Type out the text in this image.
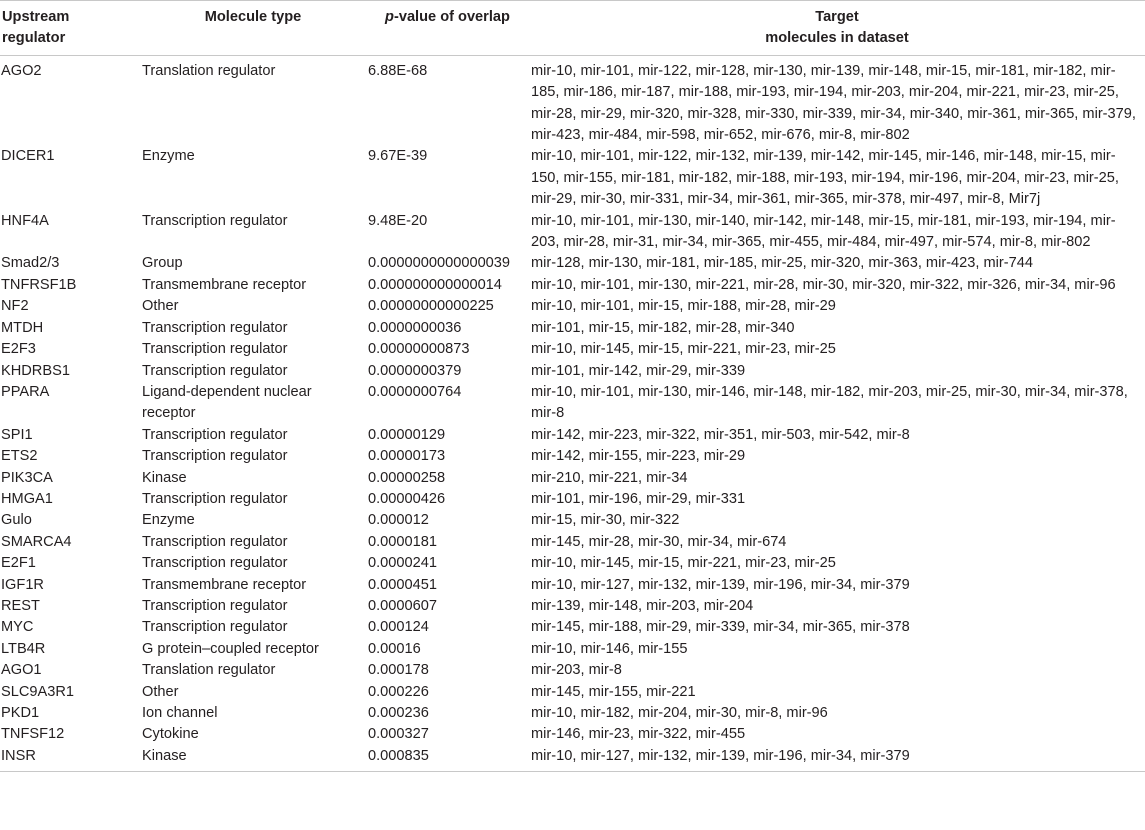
Upstream
regulator	Molecule type	p-value of overlap	Target
molecules in dataset
AGO2	Translation regulator	6.88E-68	mir-10, mir-101, mir-122, mir-128, mir-130, mir-139, mir-148, mir-15, mir-181, mir-182, mir-185, mir-186, mir-187, mir-188, mir-193, mir-194, mir-203, mir-204, mir-221, mir-23, mir-25, mir-28, mir-29, mir-320, mir-328, mir-330, mir-339, mir-34, mir-340, mir-361, mir-365, mir-379, mir-423, mir-484, mir-598, mir-652, mir-676, mir-8, mir-802
DICER1	Enzyme	9.67E-39	mir-10, mir-101, mir-122, mir-132, mir-139, mir-142, mir-145, mir-146, mir-148, mir-15, mir-150, mir-155, mir-181, mir-182, mir-188, mir-193, mir-194, mir-196, mir-204, mir-23, mir-25, mir-29, mir-30, mir-331, mir-34, mir-361, mir-365, mir-378, mir-497, mir-8, Mir7j
HNF4A	Transcription regulator	9.48E-20	mir-10, mir-101, mir-130, mir-140, mir-142, mir-148, mir-15, mir-181, mir-193, mir-194, mir-203, mir-28, mir-31, mir-34, mir-365, mir-455, mir-484, mir-497, mir-574, mir-8, mir-802
Smad2/3	Group	0.0000000000000039	mir-128, mir-130, mir-181, mir-185, mir-25, mir-320, mir-363, mir-423, mir-744
TNFRSF1B	Transmembrane receptor	0.000000000000014	mir-10, mir-101, mir-130, mir-221, mir-28, mir-30, mir-320, mir-322, mir-326, mir-34, mir-96
NF2	Other	0.00000000000225	mir-10, mir-101, mir-15, mir-188, mir-28, mir-29
MTDH	Transcription regulator	0.0000000036	mir-101, mir-15, mir-182, mir-28, mir-340
E2F3	Transcription regulator	0.00000000873	mir-10, mir-145, mir-15, mir-221, mir-23, mir-25
KHDRBS1	Transcription regulator	0.0000000379	mir-101, mir-142, mir-29, mir-339
PPARA	Ligand-dependent nuclear receptor	0.0000000764	mir-10, mir-101, mir-130, mir-146, mir-148, mir-182, mir-203, mir-25, mir-30, mir-34, mir-378, mir-8
SPI1	Transcription regulator	0.00000129	mir-142, mir-223, mir-322, mir-351, mir-503, mir-542, mir-8
ETS2	Transcription regulator	0.00000173	mir-142, mir-155, mir-223, mir-29
PIK3CA	Kinase	0.00000258	mir-210, mir-221, mir-34
HMGA1	Transcription regulator	0.00000426	mir-101, mir-196, mir-29, mir-331
Gulo	Enzyme	0.000012	mir-15, mir-30, mir-322
SMARCA4	Transcription regulator	0.0000181	mir-145, mir-28, mir-30, mir-34, mir-674
E2F1	Transcription regulator	0.0000241	mir-10, mir-145, mir-15, mir-221, mir-23, mir-25
IGF1R	Transmembrane receptor	0.0000451	mir-10, mir-127, mir-132, mir-139, mir-196, mir-34, mir-379
REST	Transcription regulator	0.0000607	mir-139, mir-148, mir-203, mir-204
MYC	Transcription regulator	0.000124	mir-145, mir-188, mir-29, mir-339, mir-34, mir-365, mir-378
LTB4R	G protein–coupled receptor	0.00016	mir-10, mir-146, mir-155
AGO1	Translation regulator	0.000178	mir-203, mir-8
SLC9A3R1	Other	0.000226	mir-145, mir-155, mir-221
PKD1	Ion channel	0.000236	mir-10, mir-182, mir-204, mir-30, mir-8, mir-96
TNFSF12	Cytokine	0.000327	mir-146, mir-23, mir-322, mir-455
INSR	Kinase	0.000835	mir-10, mir-127, mir-132, mir-139, mir-196, mir-34, mir-379
